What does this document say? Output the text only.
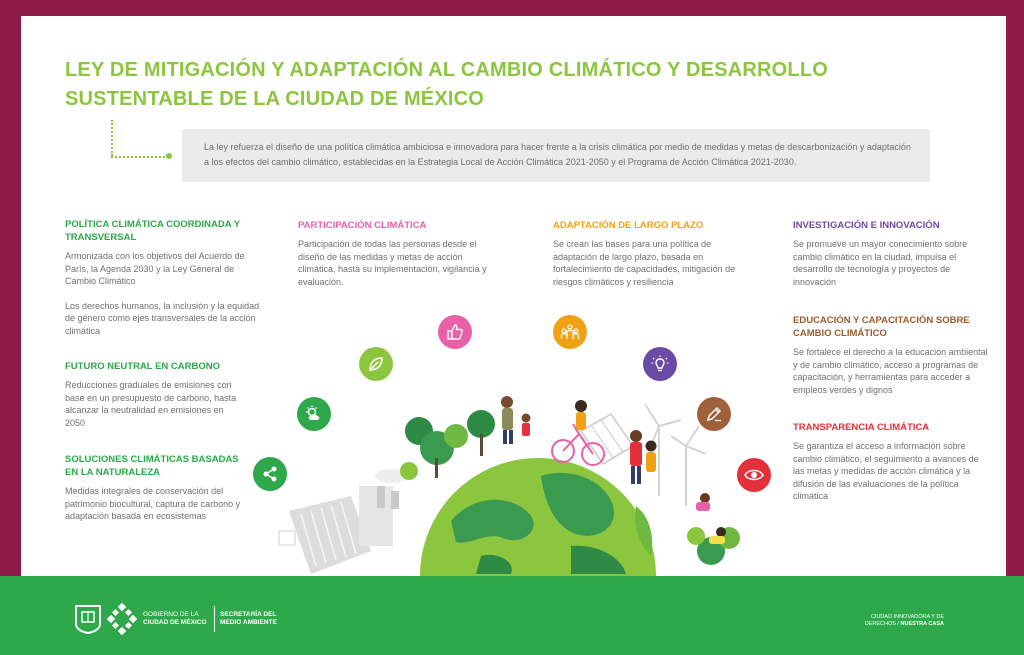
LEY DE MITIGACIÓN Y ADAPTACIÓN AL CAMBIO CLIMÁTICO Y DESARROLLO SUSTENTABLE DE LA CIUDAD DE MÉXICO
La ley refuerza el diseño de una política climática ambiciosa e innovadora para hacer frente a la crisis climática por medio de medidas y metas de descarbonización y adaptación a los efectos del cambio climático, establecidas en la Estrategia Local de Acción Climática 2021-2050 y el Programa de Acción Climática 2021-2030.
POLÍTICA CLIMÁTICA COORDINADA Y TRANSVERSAL

Armonizada con los objetivos del Acuerdo de París, la Agenda 2030 y la Ley General de Cambio Climático

Los derechos humanos, la inclusión y la equidad de género como ejes transversales de la acción climática

FUTURO NEUTRAL EN CARBONO

Reducciones graduales de emisiones con base en un presupuesto de carbono, hasta alcanzar la neutralidad en emisiones en 2050

SOLUCIONES CLIMÁTICAS BASADAS EN LA NATURALEZA

Medidas integrales de conservación del patrimonio biocultural, captura de carbono y adaptación basada en ecosistemas

PARTICIPACIÓN CLIMÁTICA

Participación de todas las personas desde el diseño de las medidas y metas de acción climática, hasta su implementación, vigilancia y evaluación.

ADAPTACIÓN DE LARGO PLAZO

Se crean las bases para una política de adaptación de largo plazo, basada en fortalecimiento de capacidades, mitigación de riesgos climáticos y resiliencia

INVESTIGACIÓN E INNOVACIÓN

Se promueve un mayor conocimiento sobre cambio climático en la ciudad, impulsa el desarrollo de tecnología y proyectos de innovación

EDUCACIÓN Y CAPACITACIÓN SOBRE CAMBIO CLIMÁTICO

Se fortalece el derecho a la educación ambiental y de cambio climático, acceso a programas de capacitación, y herramientas para acceder a empleos verdes y dignos

TRANSPARENCIA CLIMÁTICA

Se garantiza el acceso a información sobre cambio climático, el seguimiento a avances de las metas y medidas de acción climática y la difusión de las evaluaciones de la política climática

GOBIERNO DE LA
CIUDAD DE MÉXICO
SECRETARÍA DEL
MEDIO AMBIENTE
CIUDAD INNOVADORA Y DE
DERECHOS / NUESTRA CASA
